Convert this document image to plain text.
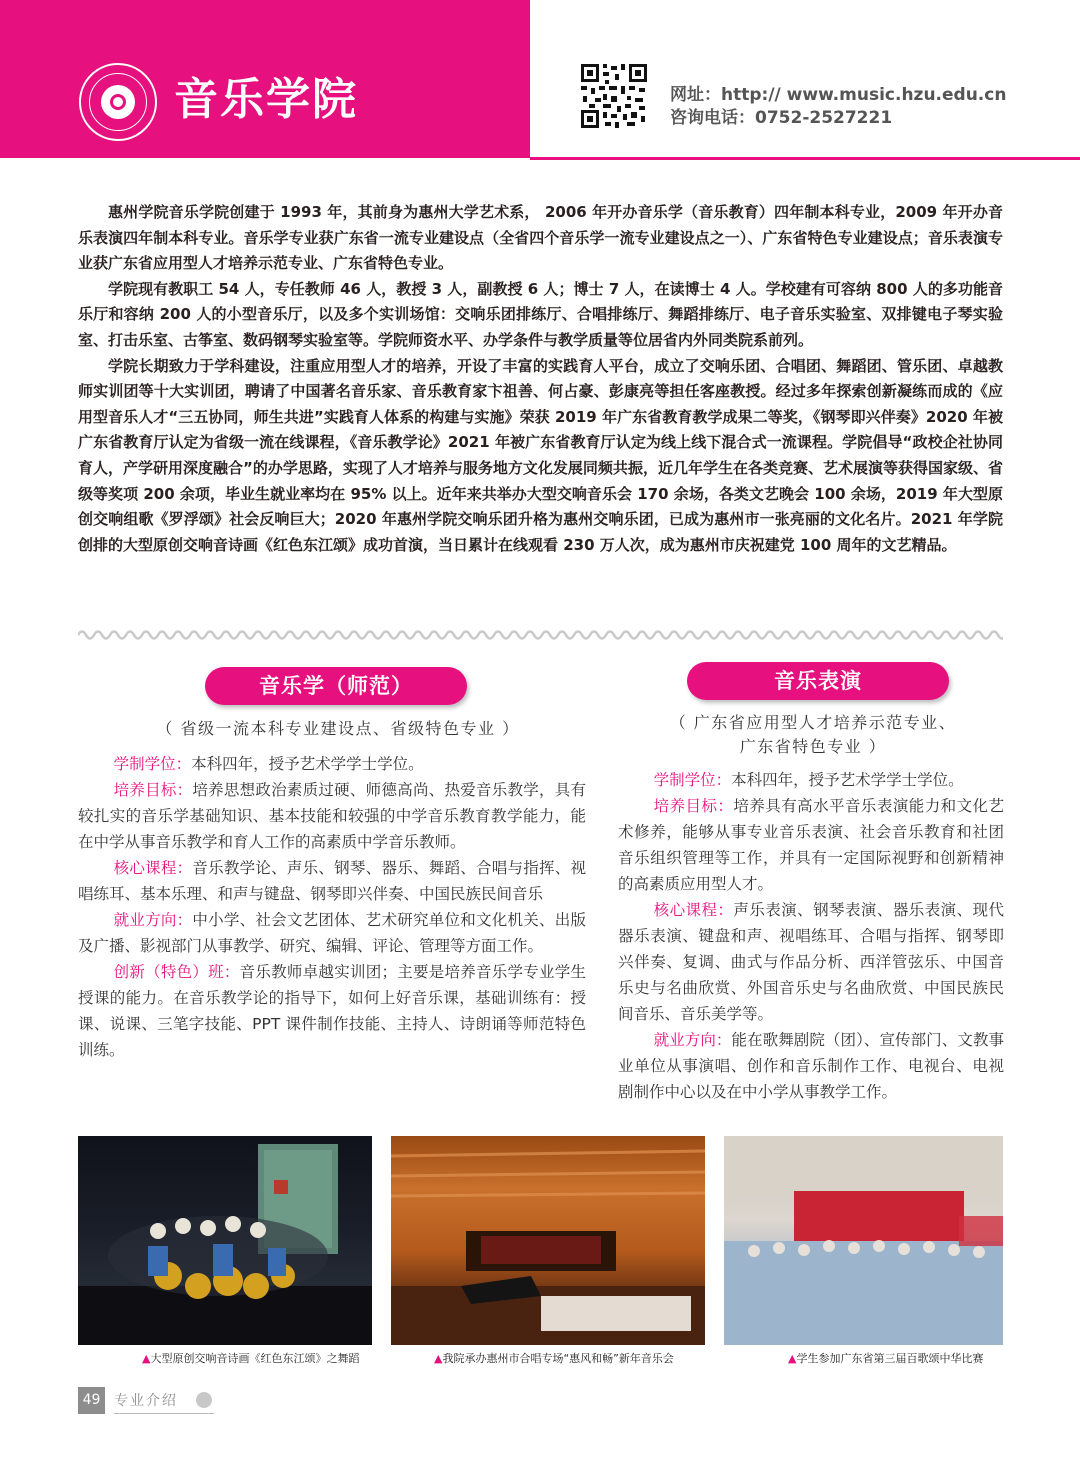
音乐学院	网址：http:// www.music.hzu.edu.cn
咨询电话：0752-2527221

惠州学院音乐学院创建于 1993 年，其前身为惠州大学艺术系， 2006 年开办音乐学（音乐教育）四年制本科专业，2009 年开办音乐表演四年制本科专业。音乐学专业获广东省一流专业建设点（全省四个音乐学一流专业建设点之一）、广东省特色专业建设点；音乐表演专业获广东省应用型人才培养示范专业、广东省特色专业。

学院现有教职工 54 人，专任教师 46 人，教授 3 人，副教授 6 人；博士 7 人，在读博士 4 人。学校建有可容纳 800 人的多功能音乐厅和容纳 200 人的小型音乐厅，以及多个实训场馆：交响乐团排练厅、合唱排练厅、舞蹈排练厅、电子音乐实验室、双排键电子琴实验室、打击乐室、古筝室、数码钢琴实验室等。学院师资水平、办学条件与教学质量等位居省内外同类院系前列。

学院长期致力于学科建设，注重应用型人才的培养，开设了丰富的实践育人平台，成立了交响乐团、合唱团、舞蹈团、管乐团、卓越教师实训团等十大实训团，聘请了中国著名音乐家、音乐教育家卞祖善、何占豪、彭康亮等担任客座教授。经过多年探索创新凝练而成的《应用型音乐人才“三五协同，师生共进”实践育人体系的构建与实施》荣获 2019 年广东省教育教学成果二等奖，《钢琴即兴伴奏》2020 年被广东省教育厅认定为省级一流在线课程，《音乐教学论》2021 年被广东省教育厅认定为线上线下混合式一流课程。学院倡导“政校企社协同育人，产学研用深度融合”的办学思路，实现了人才培养与服务地方文化发展同频共振，近几年学生在各类竞赛、艺术展演等获得国家级、省级等奖项 200 余项，毕业生就业率均在 95% 以上。近年来共举办大型交响音乐会 170 余场，各类文艺晚会 100 余场，2019 年大型原创交响组歌《罗浮颂》社会反响巨大；2020 年惠州学院交响乐团升格为惠州交响乐团，已成为惠州市一张亮丽的文化名片。2021 年学院创排的大型原创交响音诗画《红色东江颂》成功首演，当日累计在线观看 230 万人次，成为惠州市庆祝建党 100 周年的文艺精品。

音乐学（师范）
（ 省级一流本科专业建设点、省级特色专业 ）

学制学位：本科四年，授予艺术学学士学位。

培养目标：培养思想政治素质过硬、师德高尚、热爱音乐教学，具有较扎实的音乐学基础知识、基本技能和较强的中学音乐教育教学能力，能在中学从事音乐教学和育人工作的高素质中学音乐教师。

核心课程：音乐教学论、声乐、钢琴、器乐、舞蹈、合唱与指挥、视唱练耳、基本乐理、和声与键盘、钢琴即兴伴奏、中国民族民间音乐

就业方向：中小学、社会文艺团体、艺术研究单位和文化机关、出版及广播、影视部门从事教学、研究、编辑、评论、管理等方面工作。

创新（特色）班：音乐教师卓越实训团；主要是培养音乐学专业学生授课的能力。在音乐教学论的指导下，如何上好音乐课，基础训练有：授课、说课、三笔字技能、PPT 课件制作技能、主持人、诗朗诵等师范特色训练。

音乐表演
（ 广东省应用型人才培养示范专业、
广东省特色专业 ）

学制学位：本科四年，授予艺术学学士学位。

培养目标：培养具有高水平音乐表演能力和文化艺术修养，能够从事专业音乐表演、社会音乐教育和社团音乐组织管理等工作，并具有一定国际视野和创新精神的高素质应用型人才。

核心课程：声乐表演、钢琴表演、器乐表演、现代器乐表演、键盘和声、视唱练耳、合唱与指挥、钢琴即兴伴奏、复调、曲式与作品分析、西洋管弦乐、中国音乐史与名曲欣赏、外国音乐史与名曲欣赏、中国民族民间音乐、音乐美学等。

就业方向：能在歌舞剧院（团）、宣传部门、文教事业单位从事演唱、创作和音乐制作工作、电视台、电视剧制作中心以及在中小学从事教学工作。

▲大型原创交响音诗画《红色东江颂》之舞蹈	▲我院承办惠州市合唱专场“惠风和畅”新年音乐会	▲学生参加广东省第三届百歌颂中华比赛
49 专业介绍
